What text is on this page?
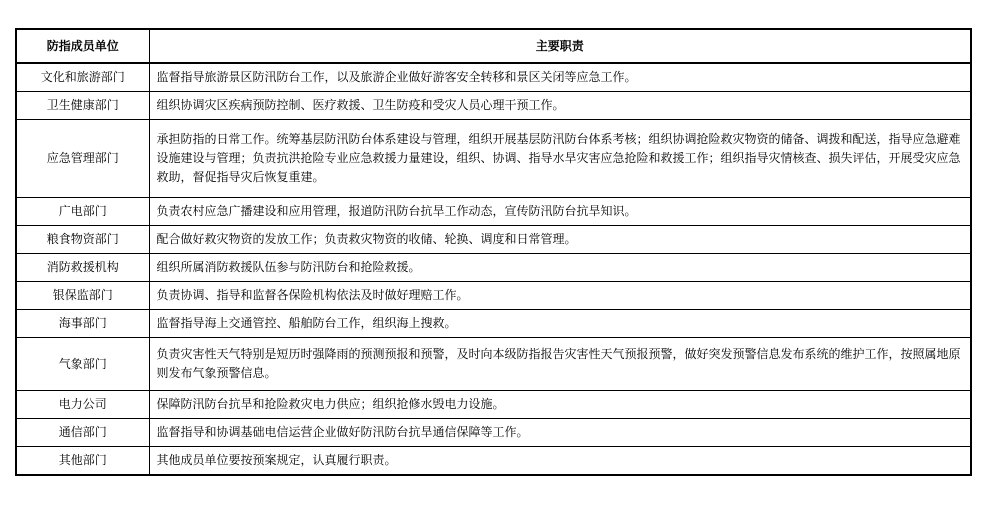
防指成员单位	主要职责
文化和旅游部门	监督指导旅游景区防汛防台工作，以及旅游企业做好游客安全转移和景区关闭等应急工作。
卫生健康部门	组织协调灾区疾病预防控制、医疗救援、卫生防疫和受灾人员心理干预工作。
应急管理部门	承担防指的日常工作。统筹基层防汛防台体系建设与管理，组织开展基层防汛防台体系考核；组织协调抢险救灾物资的储备、调拨和配送，指导应急避难设施建设与管理；负责抗洪抢险专业应急救援力量建设，组织、协调、指导水旱灾害应急抢险和救援工作；组织指导灾情核查、损失评估，开展受灾应急救助，督促指导灾后恢复重建。
广电部门	负责农村应急广播建设和应用管理，报道防汛防台抗旱工作动态，宣传防汛防台抗旱知识。
粮食物资部门	配合做好救灾物资的发放工作；负责救灾物资的收储、轮换、调度和日常管理。
消防救援机构	组织所属消防救援队伍参与防汛防台和抢险救援。
银保监部门	负责协调、指导和监督各保险机构依法及时做好理赔工作。
海事部门	监督指导海上交通管控、船舶防台工作，组织海上搜救。
气象部门	负责灾害性天气特别是短历时强降雨的预测预报和预警，及时向本级防指报告灾害性天气预报预警，做好突发预警信息发布系统的维护工作，按照属地原则发布气象预警信息。
电力公司	保障防汛防台抗旱和抢险救灾电力供应；组织抢修水毁电力设施。
通信部门	监督指导和协调基础电信运营企业做好防汛防台抗旱通信保障等工作。
其他部门	其他成员单位要按预案规定，认真履行职责。
